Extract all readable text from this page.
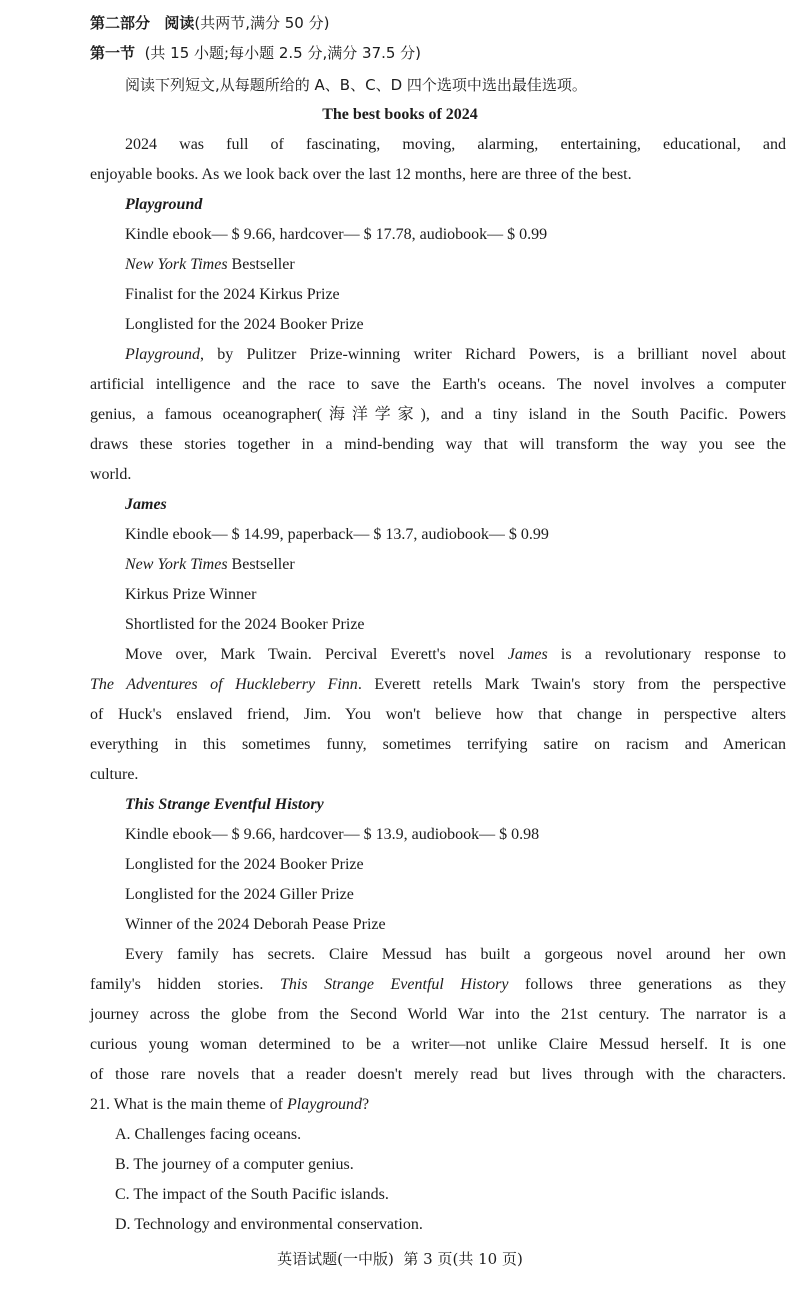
第二部分 阅读(共两节,满分 50 分)
第一节 (共 15 小题;每小题 2.5 分,满分 37.5 分)
阅读下列短文,从每题所给的 A、B、C、D 四个选项中选出最佳选项。
The best books of 2024
2024 was full of fascinating, moving, alarming, entertaining, educational, and
enjoyable books. As we look back over the last 12 months, here are three of the best.
Playground
Kindle ebook— $ 9.66, hardcover— $ 17.78, audiobook— $ 0.99
New York Times Bestseller
Finalist for the 2024 Kirkus Prize
Longlisted for the 2024 Booker Prize
Playground, by Pulitzer Prize-winning writer Richard Powers, is a brilliant novel about
artificial intelligence and the race to save the Earth's oceans. The novel involves a computer
genius, a famous oceanographer(海洋学家), and a tiny island in the South Pacific. Powers
draws these stories together in a mind-bending way that will transform the way you see the
world.
James
Kindle ebook— $ 14.99, paperback— $ 13.7, audiobook— $ 0.99
New York Times Bestseller
Kirkus Prize Winner
Shortlisted for the 2024 Booker Prize
Move over, Mark Twain. Percival Everett's novel James is a revolutionary response to
The Adventures of Huckleberry Finn. Everett retells Mark Twain's story from the perspective
of Huck's enslaved friend, Jim. You won't believe how that change in perspective alters
everything in this sometimes funny, sometimes terrifying satire on racism and American
culture.
This Strange Eventful History
Kindle ebook— $ 9.66, hardcover— $ 13.9, audiobook— $ 0.98
Longlisted for the 2024 Booker Prize
Longlisted for the 2024 Giller Prize
Winner of the 2024 Deborah Pease Prize
Every family has secrets. Claire Messud has built a gorgeous novel around her own
family's hidden stories. This Strange Eventful History follows three generations as they
journey across the globe from the Second World War into the 21st century. The narrator is a
curious young woman determined to be a writer—not unlike Claire Messud herself. It is one
of those rare novels that a reader doesn't merely read but lives through with the characters.
21. What is the main theme of Playground?
A. Challenges facing oceans.
B. The journey of a computer genius.
C. The impact of the South Pacific islands.
D. Technology and environmental conservation.
英语试题(一中版)  第 3 页(共 10 页)
